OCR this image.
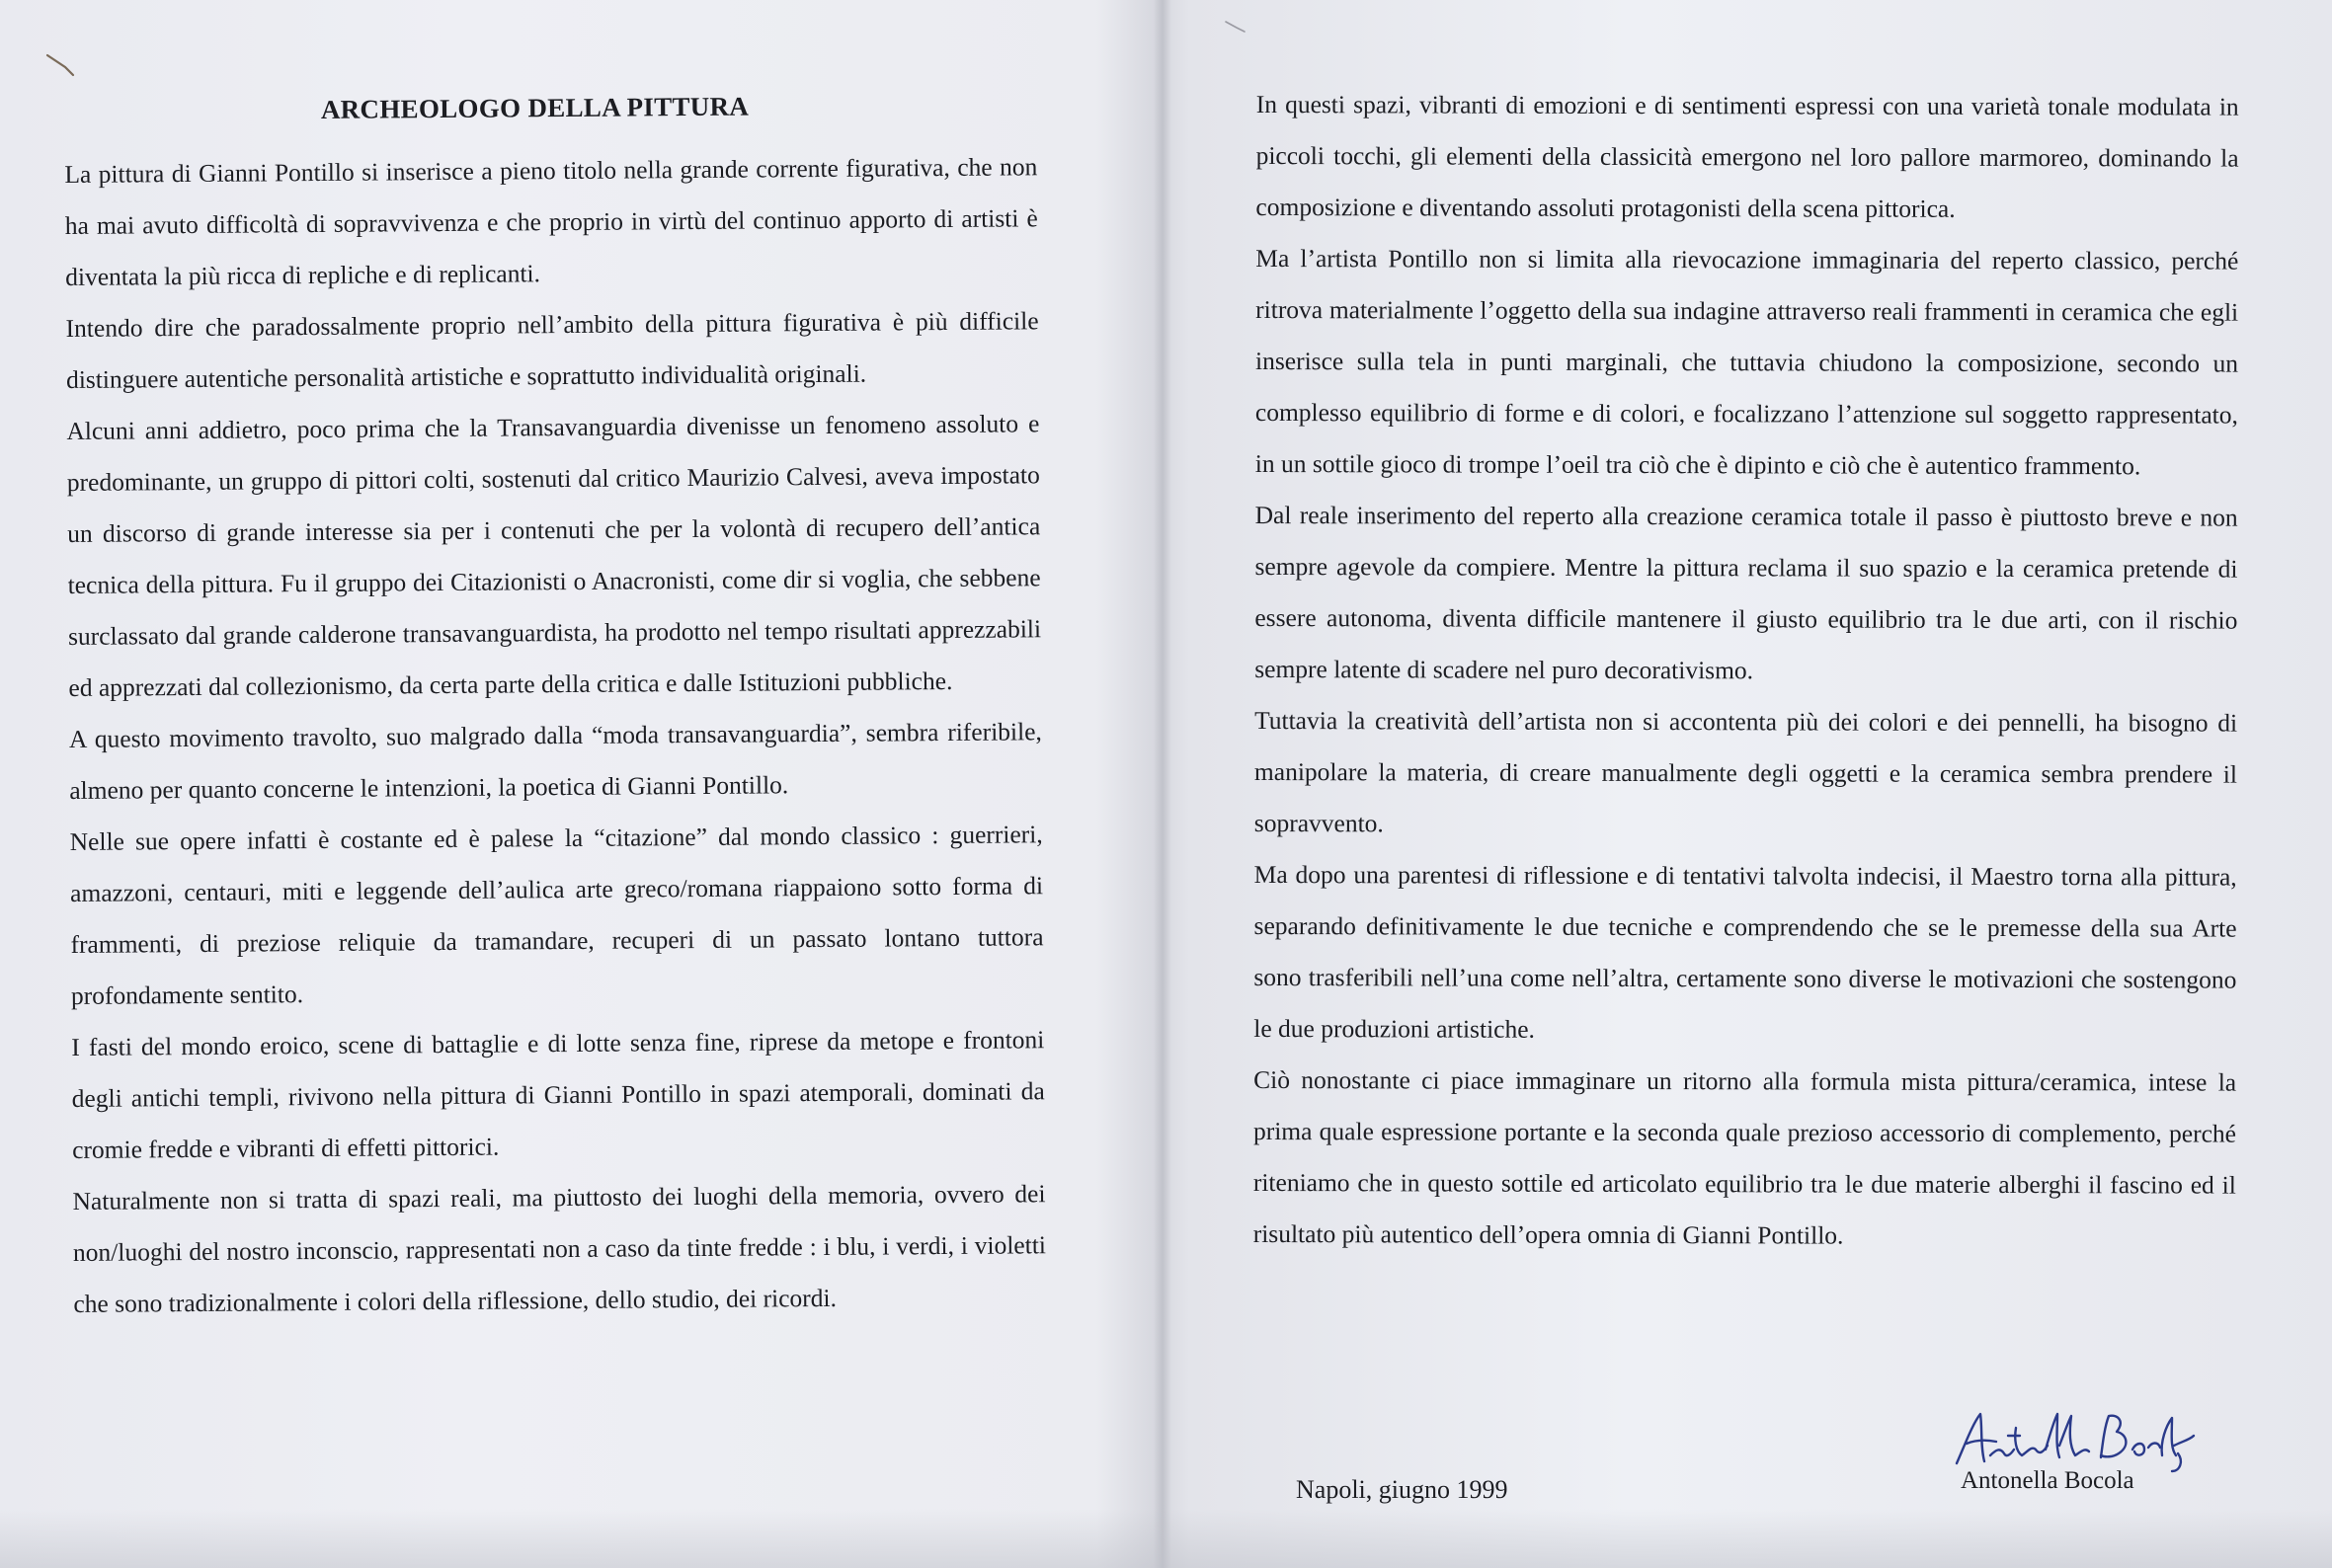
ARCHEOLOGO DELLA PITTURA

La pittura di Gianni Pontillo si inserisce a pieno titolo nella grande corrente figurativa, che non ha mai avuto difficoltà di sopravvivenza e che proprio in virtù del continuo apporto di artisti è diventata la più ricca di repliche e di replicanti.

Intendo dire che paradossalmente proprio nell’ambito della pittura figurativa è più difficile distinguere autentiche personalità artistiche e soprattutto individualità originali.

Alcuni anni addietro, poco prima che la Transavanguardia divenisse un fenomeno assoluto e predominante, un gruppo di pittori colti, sostenuti dal critico Maurizio Calvesi, aveva impostato un discorso di grande interesse sia per i contenuti che per la volontà di recupero dell’antica tecnica della pittura. Fu il gruppo dei Citazionisti o Anacronisti, come dir si voglia, che sebbene surclassato dal grande calderone transavanguardista, ha prodotto nel tempo risultati apprezzabili ed apprezzati dal collezionismo, da certa parte della critica e dalle Istituzioni pubbliche.

A questo movimento travolto, suo malgrado dalla “moda transavanguardia”, sembra riferibile, almeno per quanto concerne le intenzioni, la poetica di Gianni Pontillo.

Nelle sue opere infatti è costante ed è palese la “citazione” dal mondo classico : guerrieri, amazzoni, centauri, miti e leggende dell’aulica arte greco/romana riappaiono sotto forma di frammenti, di preziose reliquie da tramandare, recuperi di un passato lontano tuttora profondamente sentito.

I fasti del mondo eroico, scene di battaglie e di lotte senza fine, riprese da metope e frontoni degli antichi templi, rivivono nella pittura di Gianni Pontillo in spazi atemporali, dominati da cromie fredde e vibranti di effetti pittorici.

Naturalmente non si tratta di spazi reali, ma piuttosto dei luoghi della memoria, ovvero dei non/luoghi del nostro inconscio, rappresentati non a caso da tinte fredde : i blu, i verdi, i violetti che sono tradizionalmente i colori della riflessione, dello studio, dei ricordi.

In questi spazi, vibranti di emozioni e di sentimenti espressi con una varietà tonale modulata in piccoli tocchi, gli elementi della classicità emergono nel loro pallore marmoreo, dominando la composizione e diventando assoluti protagonisti della scena pittorica.

Ma l’artista Pontillo non si limita alla rievocazione immaginaria del reperto classico, perché ritrova materialmente l’oggetto della sua indagine attraverso reali frammenti in ceramica che egli inserisce sulla tela in punti marginali, che tuttavia chiudono la composizione, secondo un complesso equilibrio di forme e di colori, e focalizzano l’attenzione sul soggetto rappresentato, in un sottile gioco di trompe l’oeil tra ciò che è dipinto e ciò che è autentico frammento.

Dal reale inserimento del reperto alla creazione ceramica totale il passo è piuttosto breve e non sempre agevole da compiere. Mentre la pittura reclama il suo spazio e la ceramica pretende di essere autonoma, diventa difficile mantenere il giusto equilibrio tra le due arti, con il rischio sempre latente di scadere nel puro decorativismo.

Tuttavia la creatività dell’artista non si accontenta più dei colori e dei pennelli, ha bisogno di manipolare la materia, di creare manualmente degli oggetti e la ceramica sembra prendere il sopravvento.

Ma dopo una parentesi di riflessione e di tentativi talvolta indecisi, il Maestro torna alla pittura, separando definitivamente le due tecniche e comprendendo che se le premesse della sua Arte sono trasferibili nell’una come nell’altra, certamente sono diverse le motivazioni che sostengono le due produzioni artistiche.

Ciò nonostante ci piace immaginare un ritorno alla formula mista pittura/ceramica, intese la prima quale espressione portante e la seconda quale prezioso accessorio di complemento, perché riteniamo che in questo sottile ed articolato equilibrio tra le due materie alberghi il fascino ed il risultato più autentico dell’opera omnia di Gianni Pontillo.

Napoli, giugno 1999	Antonella Bocola
